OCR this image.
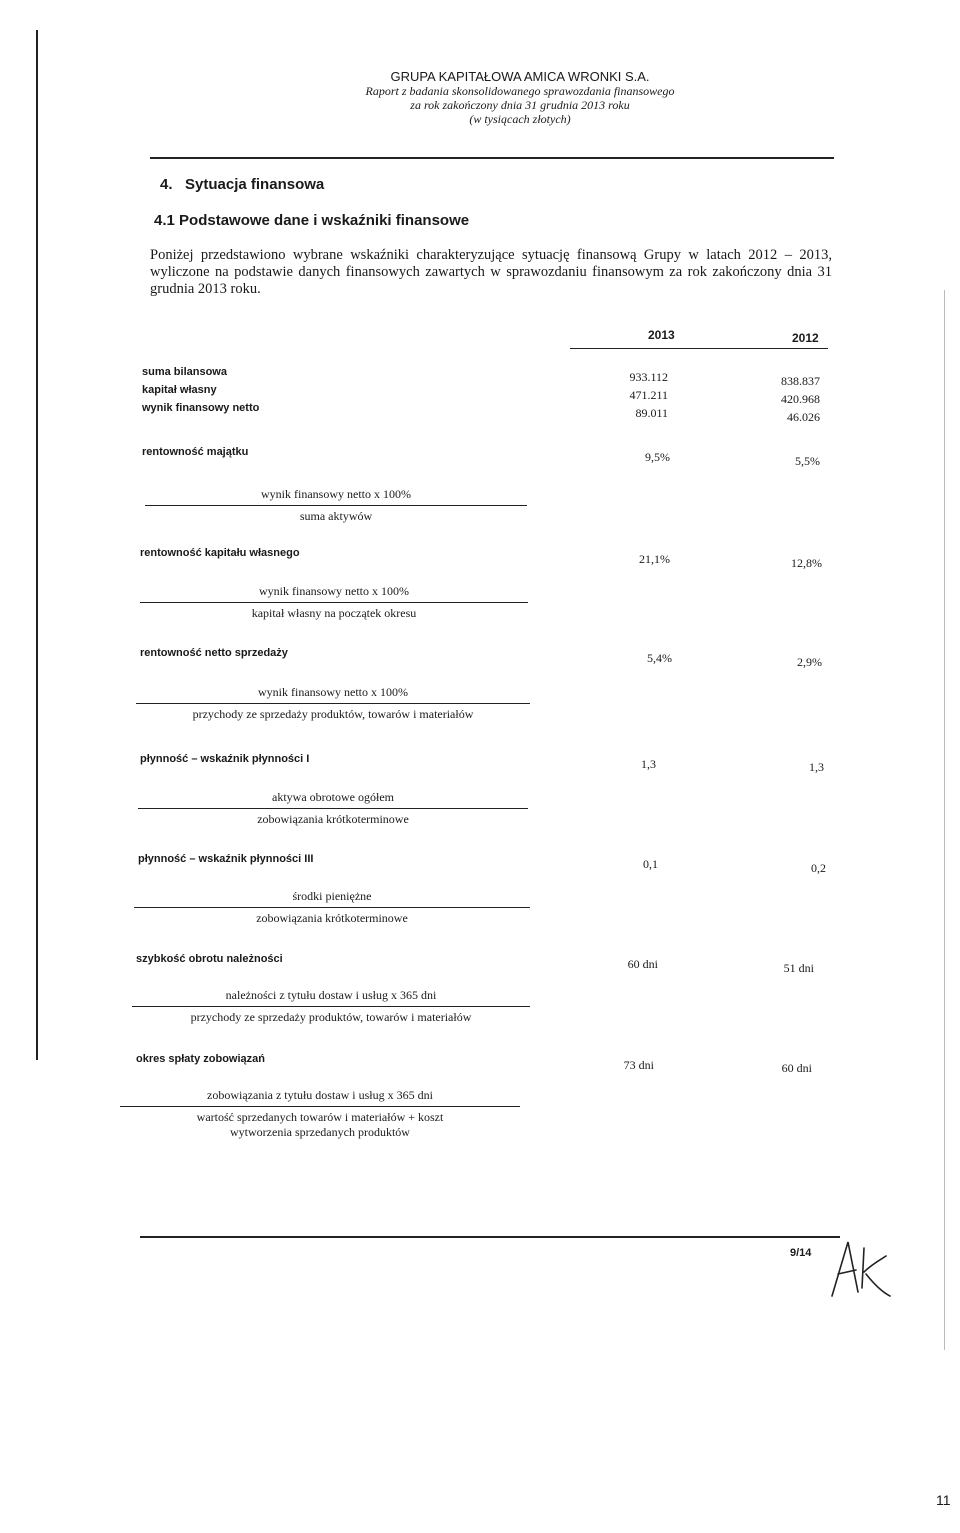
GRUPA KAPITAŁOWA AMICA WRONKI S.A.
Raport z badania skonsolidowanego sprawozdania finansowego
za rok zakończony dnia 31 grudnia 2013 roku
(w tysiącach złotych)
4. Sytuacja finansowa
4.1 Podstawowe dane i wskaźniki finansowe
Poniżej przedstawiono wybrane wskaźniki charakteryzujące sytuację finansową Grupy w latach 2012 – 2013, wyliczone na podstawie danych finansowych zawartych w sprawozdaniu finansowym za rok zakończony dnia 31 grudnia 2013 roku.
2013	2012
suma bilansowa	933.112	838.837
kapitał własny	471.211	420.968
wynik finansowy netto	89.011	46.026
rentowność majątku	9,5%	5,5%
wynik finansowy netto x 100%
suma aktywów
rentowność kapitału własnego	21,1%	12,8%
wynik finansowy netto x 100%
kapitał własny na początek okresu
rentowność netto sprzedaży	5,4%	2,9%
wynik finansowy netto x 100%
przychody ze sprzedaży produktów, towarów i materiałów
płynność – wskaźnik płynności I	1,3	1,3
aktywa obrotowe ogółem
zobowiązania krótkoterminowe
płynność – wskaźnik płynności III	0,1	0,2
środki pieniężne
zobowiązania krótkoterminowe
szybkość obrotu należności	60 dni	51 dni
należności z tytułu dostaw i usług x 365 dni
przychody ze sprzedaży produktów, towarów i materiałów
okres spłaty zobowiązań	73 dni	60 dni
zobowiązania z tytułu dostaw i usług x 365 dni
wartość sprzedanych towarów i materiałów + koszt
wytworzenia sprzedanych produktów
9/14
11
